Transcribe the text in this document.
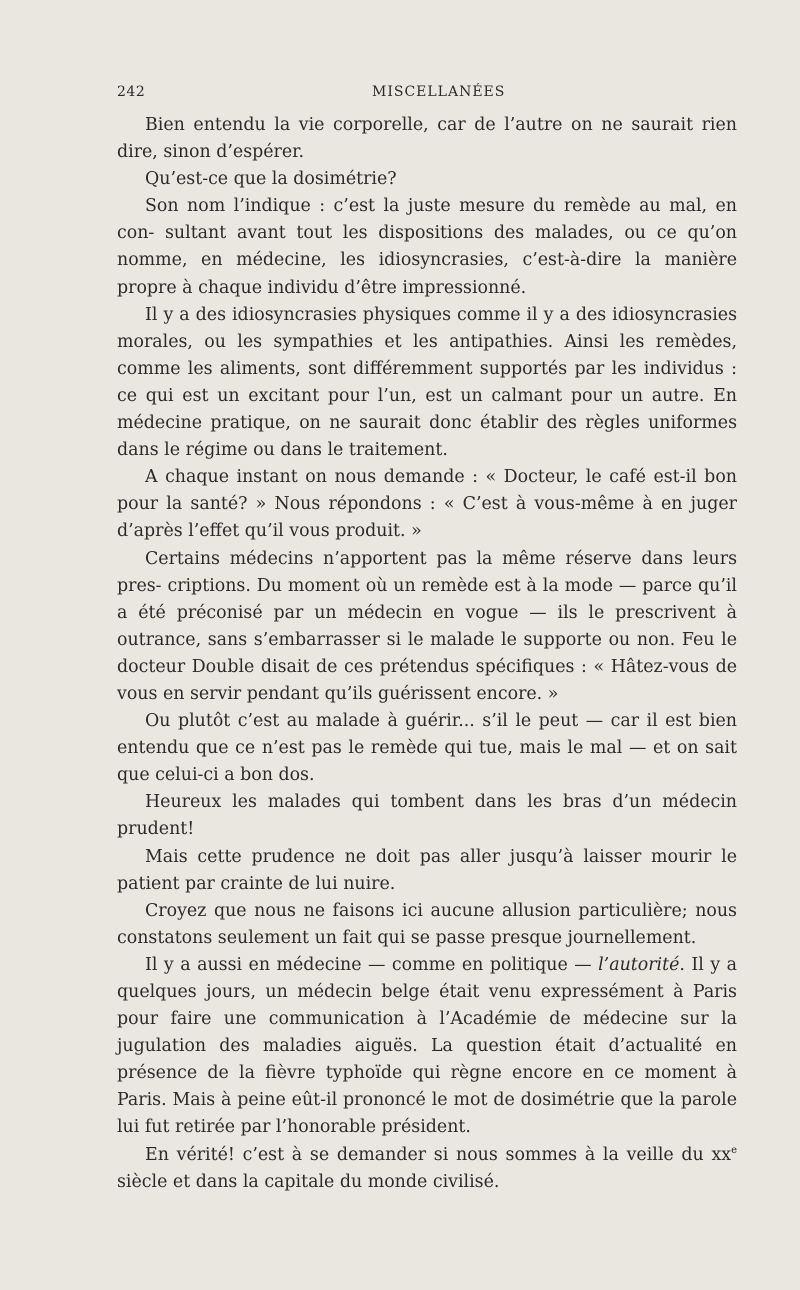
242	MISCELLANÉES

Bien entendu la vie corporelle, car de l’autre on ne saurait rien dire, sinon d’espérer.

Qu’est-ce que la dosimétrie?

Son nom l’indique : c’est la juste mesure du remède au mal, en con- sultant avant tout les dispositions des malades, ou ce qu’on nomme, en médecine, les idiosyncrasies, c’est-à-dire la manière propre à chaque individu d’être impressionné.

Il y a des idiosyncrasies physiques comme il y a des idiosyncrasies morales, ou les sympathies et les antipathies. Ainsi les remèdes, comme les aliments, sont différemment supportés par les individus : ce qui est un excitant pour l’un, est un calmant pour un autre. En médecine pratique, on ne saurait donc établir des règles uniformes dans le régime ou dans le traitement.

A chaque instant on nous demande : « Docteur, le café est-il bon pour la santé? » Nous répondons : « C’est à vous-même à en juger d’après l’effet qu’il vous produit. »

Certains médecins n’apportent pas la même réserve dans leurs pres- criptions. Du moment où un remède est à la mode — parce qu’il a été préconisé par un médecin en vogue — ils le prescrivent à outrance, sans s’embarrasser si le malade le supporte ou non. Feu le docteur Double disait de ces prétendus spécifiques : « Hâtez-vous de vous en servir pendant qu’ils guérissent encore. »

Ou plutôt c’est au malade à guérir... s’il le peut — car il est bien entendu que ce n’est pas le remède qui tue, mais le mal — et on sait que celui-ci a bon dos.

Heureux les malades qui tombent dans les bras d’un médecin prudent!

Mais cette prudence ne doit pas aller jusqu’à laisser mourir le patient par crainte de lui nuire.

Croyez que nous ne faisons ici aucune allusion particulière; nous constatons seulement un fait qui se passe presque journellement.

Il y a aussi en médecine — comme en politique — l’autorité. Il y a quelques jours, un médecin belge était venu expressément à Paris pour faire une communication à l’Académie de médecine sur la jugulation des maladies aiguës. La question était d’actualité en présence de la fièvre typhoïde qui règne encore en ce moment à Paris. Mais à peine eût-il prononcé le mot de dosimétrie que la parole lui fut retirée par l’honorable président.

En vérité! c’est à se demander si nous sommes à la veille du $xx^e$ siècle et dans la capitale du monde civilisé.
